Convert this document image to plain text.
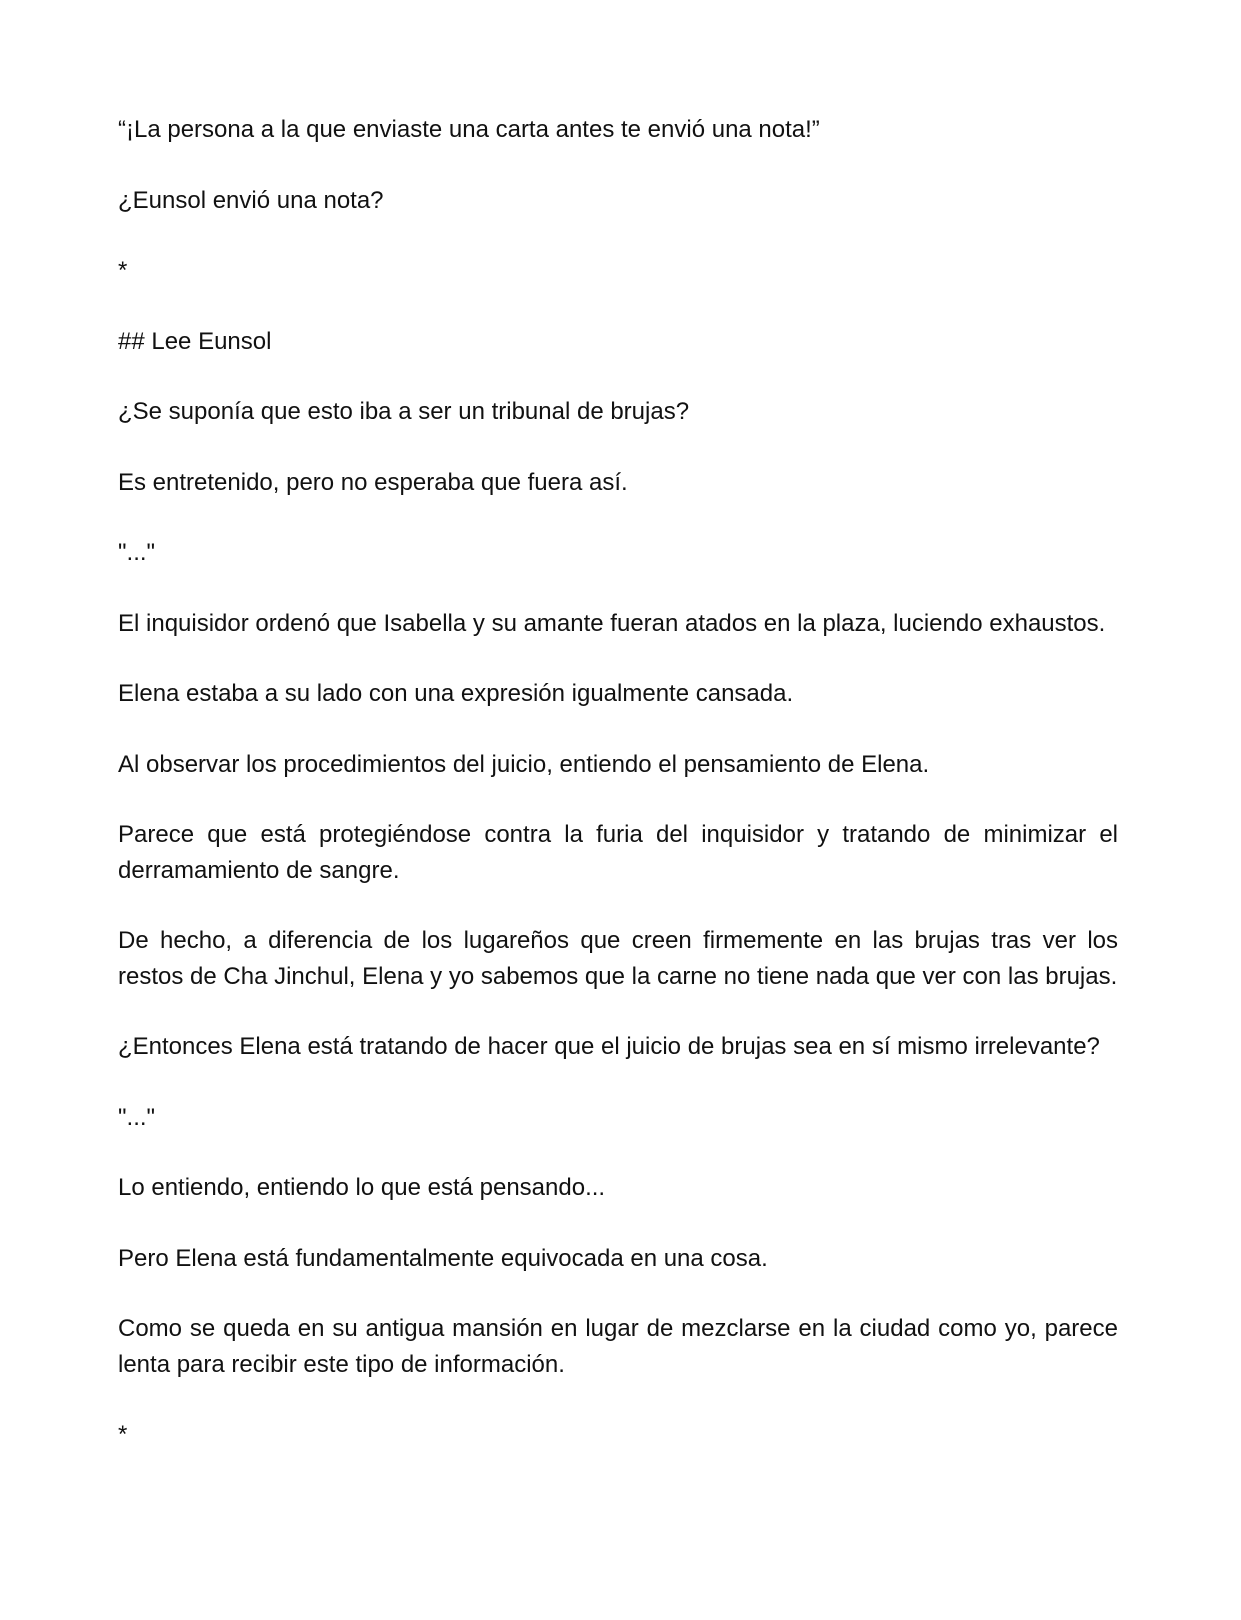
“¡La persona a la que enviaste una carta antes te envió una nota!”

¿Eunsol envió una nota?

*

## Lee Eunsol

¿Se suponía que esto iba a ser un tribunal de brujas?

Es entretenido, pero no esperaba que fuera así.

"..."

El inquisidor ordenó que Isabella y su amante fueran atados en la plaza, luciendo exhaustos.

Elena estaba a su lado con una expresión igualmente cansada.

Al observar los procedimientos del juicio, entiendo el pensamiento de Elena.

Parece que está protegiéndose contra la furia del inquisidor y tratando de minimizar el derramamiento de sangre.

De hecho, a diferencia de los lugareños que creen firmemente en las brujas tras ver los restos de Cha Jinchul, Elena y yo sabemos que la carne no tiene nada que ver con las brujas.

¿Entonces Elena está tratando de hacer que el juicio de brujas sea en sí mismo irrelevante?

"..."

Lo entiendo, entiendo lo que está pensando...

Pero Elena está fundamentalmente equivocada en una cosa.

Como se queda en su antigua mansión en lugar de mezclarse en la ciudad como yo, parece lenta para recibir este tipo de información.

*
